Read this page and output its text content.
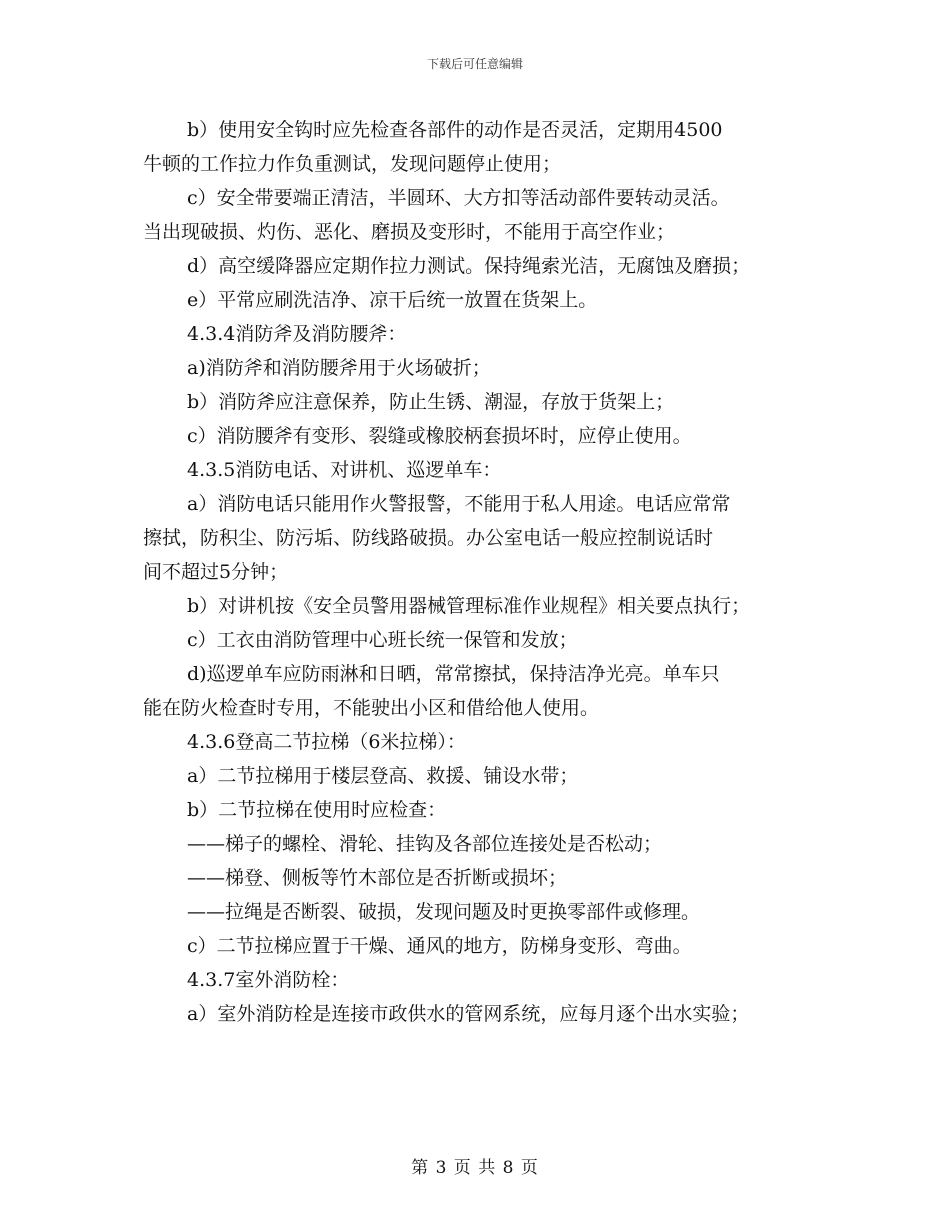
下载后可任意编辑
b）使用安全钩时应先检查各部件的动作是否灵活，定期用4500
牛顿的工作拉力作负重测试，发现问题停止使用；
c）安全带要端正清洁，半圆环、大方扣等活动部件要转动灵活。
当出现破损、灼伤、恶化、磨损及变形时，不能用于高空作业；
d）高空缓降器应定期作拉力测试。保持绳索光洁，无腐蚀及磨损；
e）平常应刷洗洁净、凉干后统一放置在货架上。
4.3.4消防斧及消防腰斧：
a)消防斧和消防腰斧用于火场破折；
b）消防斧应注意保养，防止生锈、潮湿，存放于货架上；
c）消防腰斧有变形、裂缝或橡胶柄套损坏时，应停止使用。
4.3.5消防电话、对讲机、巡逻单车：
a）消防电话只能用作火警报警，不能用于私人用途。电话应常常
擦拭，防积尘、防污垢、防线路破损。办公室电话一般应控制说话时
间不超过5分钟；
b）对讲机按《安全员警用器械管理标准作业规程》相关要点执行；
c）工衣由消防管理中心班长统一保管和发放；
d)巡逻单车应防雨淋和日晒，常常擦拭，保持洁净光亮。单车只
能在防火检查时专用，不能驶出小区和借给他人使用。
4.3.6登高二节拉梯（6米拉梯）：
a）二节拉梯用于楼层登高、救援、铺设水带；
b）二节拉梯在使用时应检查：
——梯子的螺栓、滑轮、挂钩及各部位连接处是否松动；
——梯登、侧板等竹木部位是否折断或损坏；
——拉绳是否断裂、破损，发现问题及时更换零部件或修理。
c）二节拉梯应置于干燥、通风的地方，防梯身变形、弯曲。
4.3.7室外消防栓：
a）室外消防栓是连接市政供水的管网系统，应每月逐个出水实验；
第 3 页 共 8 页
